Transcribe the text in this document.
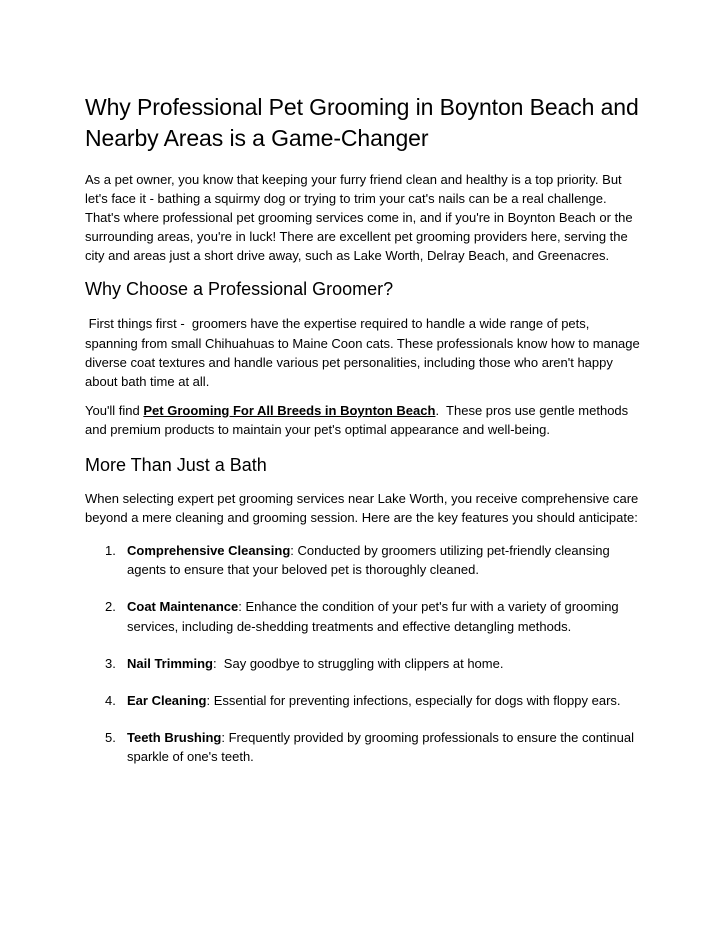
Why Professional Pet Grooming in Boynton Beach and Nearby Areas is a Game-Changer

As a pet owner, you know that keeping your furry friend clean and healthy is a top priority. But let's face it - bathing a squirmy dog or trying to trim your cat's nails can be a real challenge. That's where professional pet grooming services come in, and if you're in Boynton Beach or the surrounding areas, you're in luck! There are excellent pet grooming providers here, serving the city and areas just a short drive away, such as Lake Worth, Delray Beach, and Greenacres.

Why Choose a Professional Groomer?

First things first -  groomers have the expertise required to handle a wide range of pets, spanning from small Chihuahuas to Maine Coon cats. These professionals know how to manage diverse coat textures and handle various pet personalities, including those who aren't happy about bath time at all.

You'll find Pet Grooming For All Breeds in Boynton Beach.  These pros use gentle methods and premium products to maintain your pet's optimal appearance and well-being.

More Than Just a Bath

When selecting expert pet grooming services near Lake Worth, you receive comprehensive care beyond a mere cleaning and grooming session. Here are the key features you should anticipate:

1. Comprehensive Cleansing: Conducted by groomers utilizing pet-friendly cleansing agents to ensure that your beloved pet is thoroughly cleaned.
2. Coat Maintenance: Enhance the condition of your pet's fur with a variety of grooming services, including de-shedding treatments and effective detangling methods.
3. Nail Trimming:  Say goodbye to struggling with clippers at home.
4. Ear Cleaning: Essential for preventing infections, especially for dogs with floppy ears.
5. Teeth Brushing: Frequently provided by grooming professionals to ensure the continual sparkle of one's teeth.
